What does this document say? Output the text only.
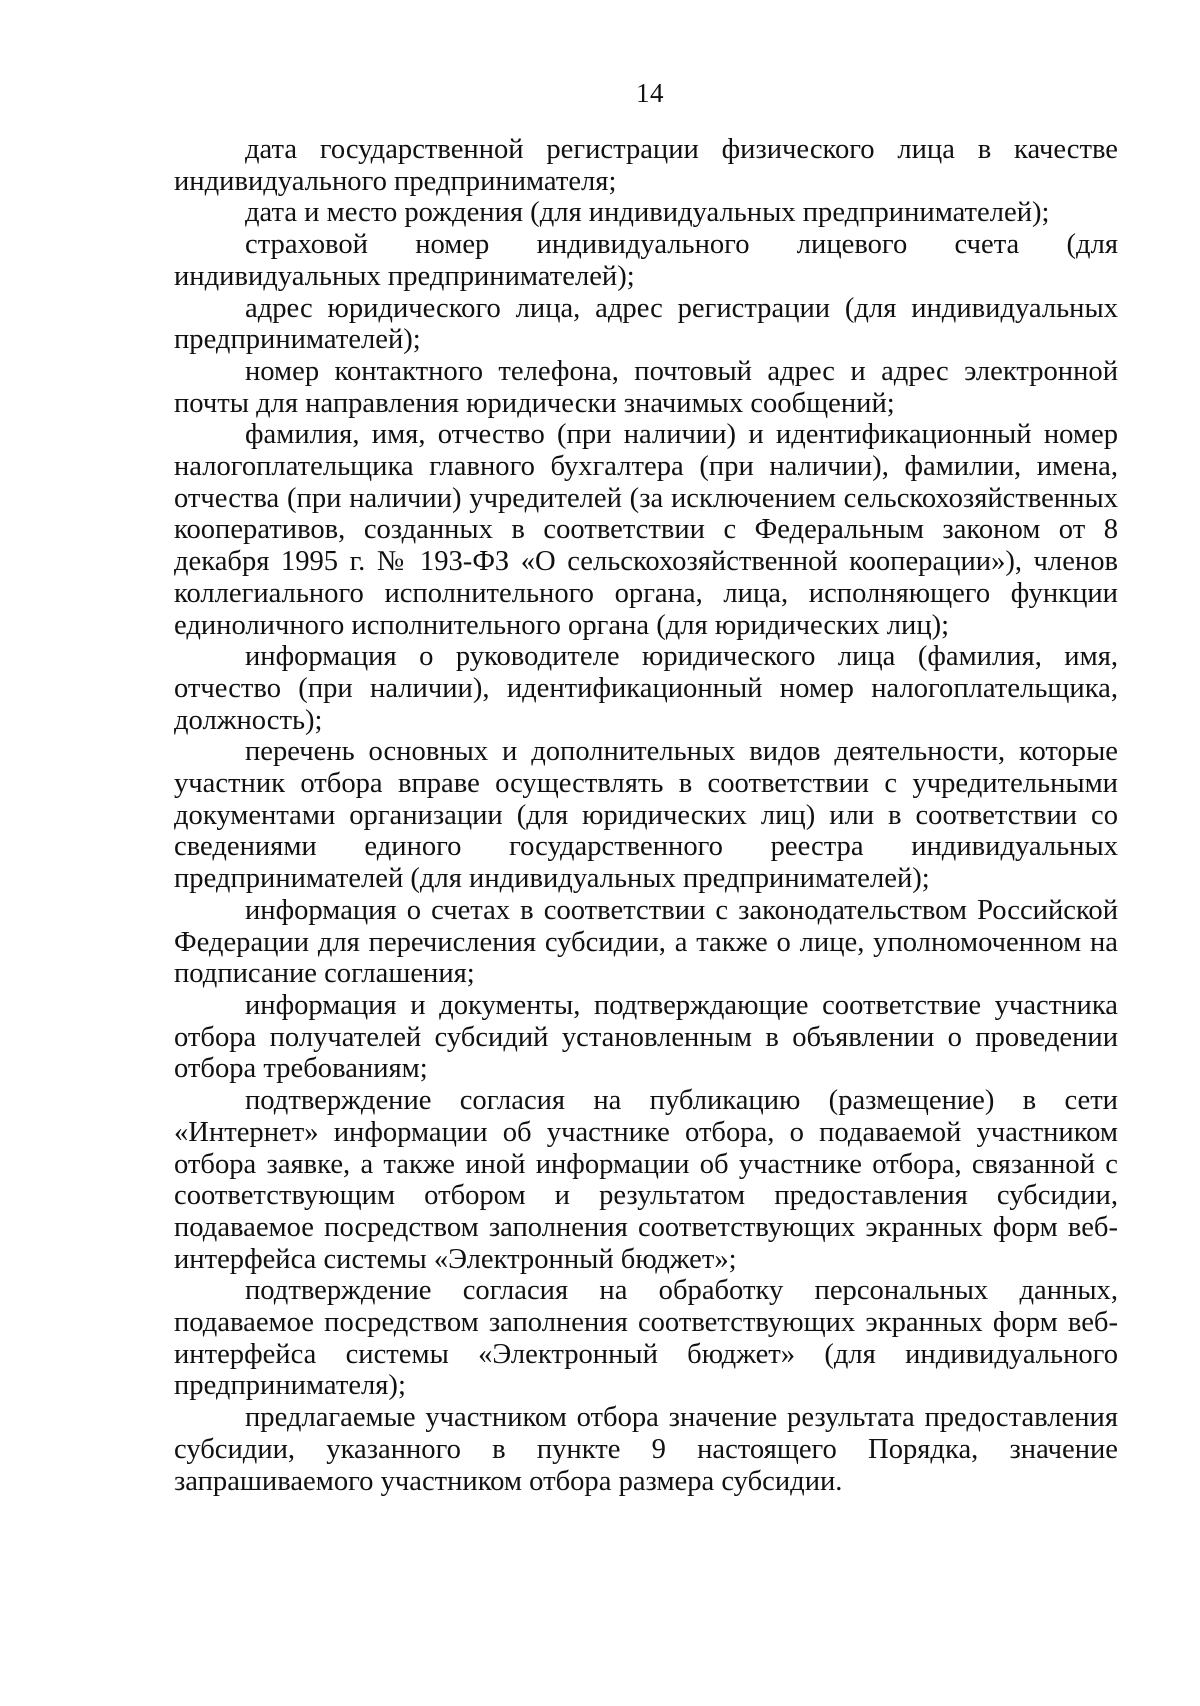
14

дата государственной регистрации физического лица в качестве индивидуального предпринимателя;

дата и место рождения (для индивидуальных предпринимателей);

страховой номер индивидуального лицевого счета (для индивидуальных предпринимателей);

адрес юридического лица, адрес регистрации (для индивидуальных предпринимателей);

номер контактного телефона, почтовый адрес и адрес электронной почты для направления юридически значимых сообщений;

фамилия, имя, отчество (при наличии) и идентификационный номер налогоплательщика главного бухгалтера (при наличии), фамилии, имена, отчества (при наличии) учредителей (за исключением сельскохозяйственных кооперативов, созданных в соответствии с Федеральным законом от 8 декабря 1995 г. № 193-ФЗ «О сельскохозяйственной кооперации»), членов коллегиального исполнительного органа, лица, исполняющего функции единоличного исполнительного органа (для юридических лиц);

информация о руководителе юридического лица (фамилия, имя, отчество (при наличии), идентификационный номер налогоплательщика, должность);

перечень основных и дополнительных видов деятельности, которые участник отбора вправе осуществлять в соответствии с учредительными документами организации (для юридических лиц) или в соответствии со сведениями единого государственного реестра индивидуальных предпринимателей (для индивидуальных предпринимателей);

информация о счетах в соответствии с законодательством Российской Федерации для перечисления субсидии, а также о лице, уполномоченном на подписание соглашения;

информация и документы, подтверждающие соответствие участника отбора получателей субсидий установленным в объявлении о проведении отбора требованиям;

подтверждение согласия на публикацию (размещение) в сети «Интернет» информации об участнике отбора, о подаваемой участником отбора заявке, а также иной информации об участнике отбора, связанной с соответствующим отбором и результатом предоставления субсидии, подаваемое посредством заполнения соответствующих экранных форм веб-интерфейса системы «Электронный бюджет»;

подтверждение согласия на обработку персональных данных, подаваемое посредством заполнения соответствующих экранных форм веб-интерфейса системы «Электронный бюджет» (для индивидуального предпринимателя);

предлагаемые участником отбора значение результата предоставления субсидии, указанного в пункте 9 настоящего Порядка, значение запрашиваемого участником отбора размера субсидии.
